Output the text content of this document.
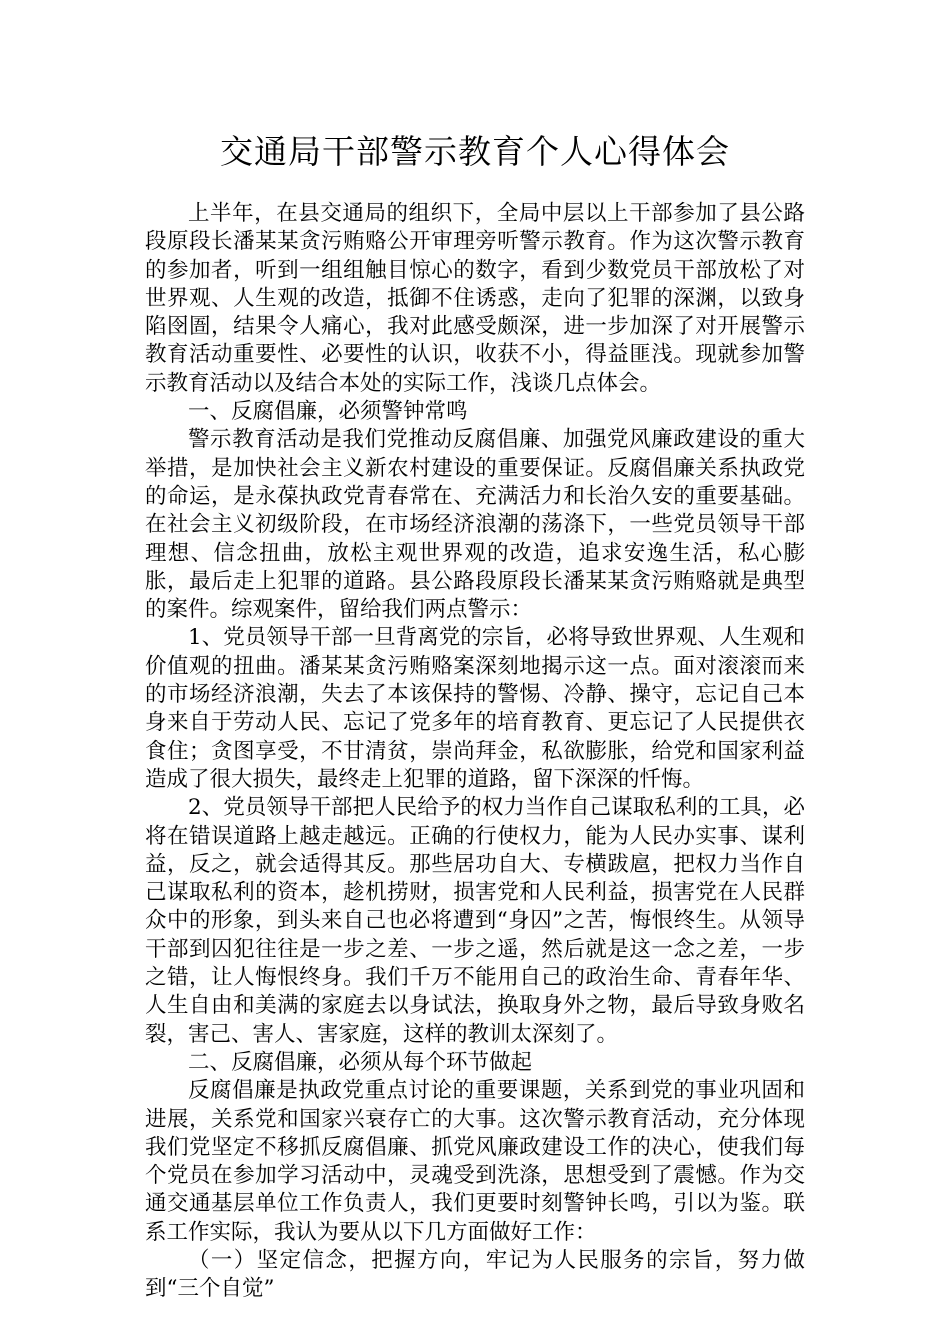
交通局干部警示教育个人心得体会

上半年，在县交通局的组织下，全局中层以上干部参加了县公路段原段长潘某某贪污贿赂公开审理旁听警示教育。作为这次警示教育的参加者，听到一组组触目惊心的数字，看到少数党员干部放松了对世界观、人生观的改造，抵御不住诱惑，走向了犯罪的深渊，以致身陷囹圄，结果令人痛心，我对此感受颇深，进一步加深了对开展警示教育活动重要性、必要性的认识，收获不小，得益匪浅。现就参加警示教育活动以及结合本处的实际工作，浅谈几点体会。

一、反腐倡廉，必须警钟常鸣

警示教育活动是我们党推动反腐倡廉、加强党风廉政建设的重大举措，是加快社会主义新农村建设的重要保证。反腐倡廉关系执政党的命运，是永葆执政党青春常在、充满活力和长治久安的重要基础。在社会主义初级阶段，在市场经济浪潮的荡涤下，一些党员领导干部理想、信念扭曲，放松主观世界观的改造，追求安逸生活，私心膨胀，最后走上犯罪的道路。县公路段原段长潘某某贪污贿赂就是典型的案件。综观案件，留给我们两点警示：

1、党员领导干部一旦背离党的宗旨，必将导致世界观、人生观和价值观的扭曲。潘某某贪污贿赂案深刻地揭示这一点。面对滚滚而来的市场经济浪潮，失去了本该保持的警惕、冷静、操守，忘记自己本身来自于劳动人民、忘记了党多年的培育教育、更忘记了人民提供衣食住；贪图享受，不甘清贫，崇尚拜金，私欲膨胀，给党和国家利益造成了很大损失，最终走上犯罪的道路，留下深深的忏悔。

2、党员领导干部把人民给予的权力当作自己谋取私利的工具，必将在错误道路上越走越远。正确的行使权力，能为人民办实事、谋利益，反之，就会适得其反。那些居功自大、专横跋扈，把权力当作自己谋取私利的资本，趁机捞财，损害党和人民利益，损害党在人民群众中的形象，到头来自己也必将遭到“身囚”之苦，悔恨终生。从领导干部到囚犯往往是一步之差、一步之遥，然后就是这一念之差，一步之错，让人悔恨终身。我们千万不能用自己的政治生命、青春年华、人生自由和美满的家庭去以身试法，换取身外之物，最后导致身败名裂，害己、害人、害家庭，这样的教训太深刻了。

二、反腐倡廉，必须从每个环节做起

反腐倡廉是执政党重点讨论的重要课题，关系到党的事业巩固和进展，关系党和国家兴衰存亡的大事。这次警示教育活动，充分体现我们党坚定不移抓反腐倡廉、抓党风廉政建设工作的决心，使我们每个党员在参加学习活动中，灵魂受到洗涤，思想受到了震憾。作为交通交通基层单位工作负责人，我们更要时刻警钟长鸣，引以为鉴。联系工作实际，我认为要从以下几方面做好工作：

（一）坚定信念，把握方向，牢记为人民服务的宗旨，努力做到“三个自觉”
